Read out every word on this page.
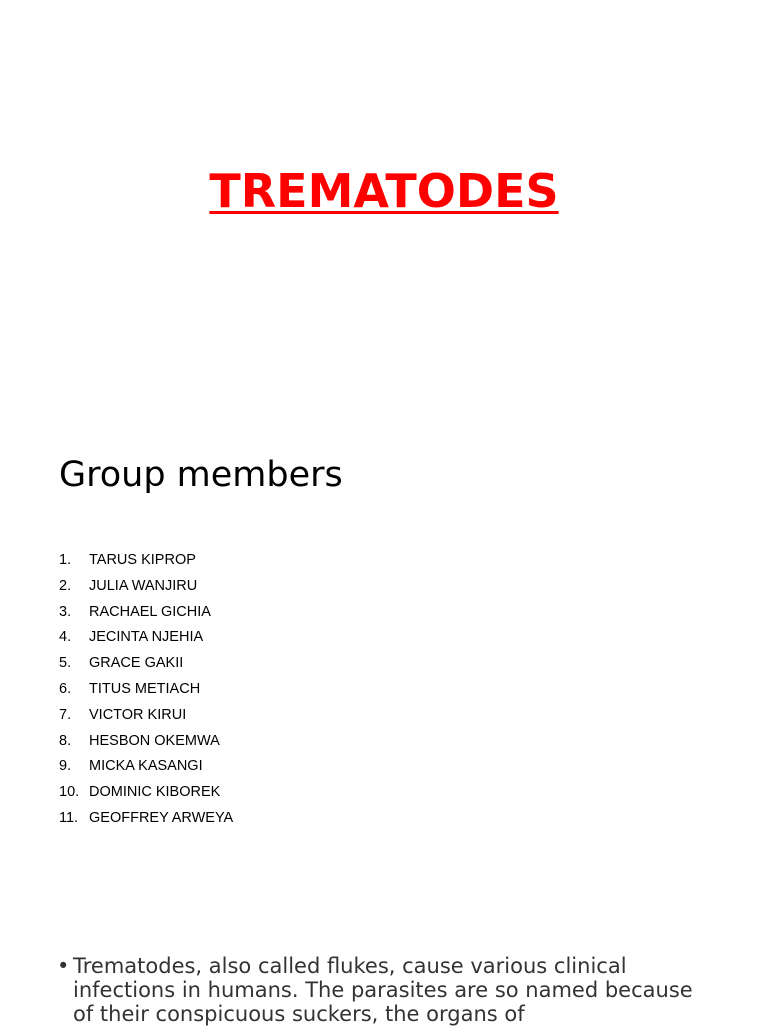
TREMATODES
Group members
1.	TARUS KIPROP
2.	JULIA WANJIRU
3.	RACHAEL GICHIA
4.	JECINTA NJEHIA
5.	GRACE GAKII
6.	TITUS METIACH
7.	VICTOR KIRUI
8.	HESBON OKEMWA
9.	MICKA KASANGI
10. DOMINIC KIBOREK
11. GEOFFREY ARWEYA
• Trematodes, also called flukes, cause various clinical infections in humans. The parasites are so named because of their conspicuous suckers, the organs of
